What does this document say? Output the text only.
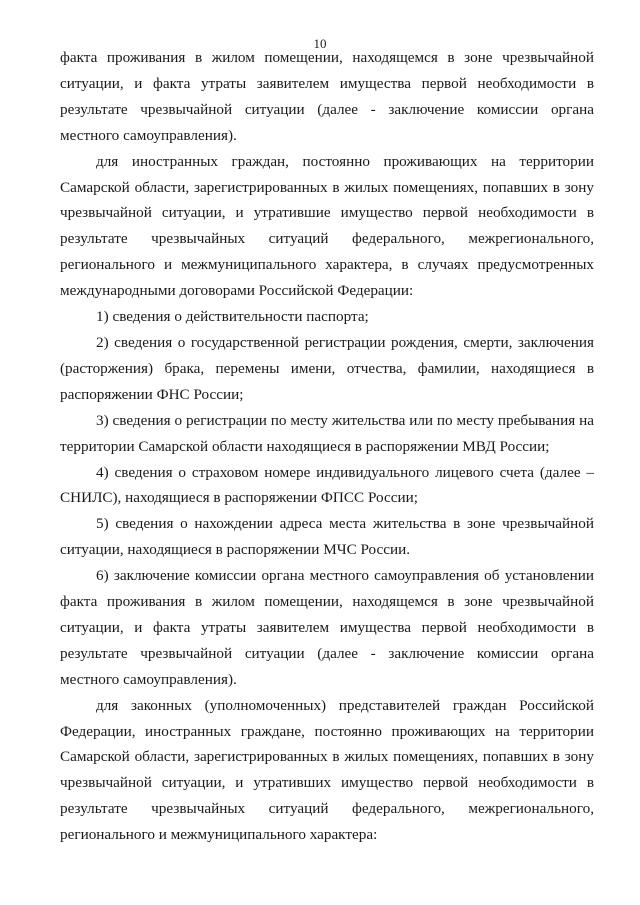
10

факта проживания в жилом помещении, находящемся в зоне чрезвычайной ситуации, и факта утраты заявителем имущества первой необходимости в результате чрезвычайной ситуации (далее - заключение комиссии органа местного самоуправления).

для иностранных граждан, постоянно проживающих на территории Самарской области, зарегистрированных в жилых помещениях, попавших в зону чрезвычайной ситуации, и утратившие имущество первой необходимости в результате чрезвычайных ситуаций федерального, межрегионального, регионального и межмуниципального характера, в случаях предусмотренных международными договорами Российской Федерации:

1) сведения о действительности паспорта;

2) сведения о государственной регистрации рождения, смерти, заключения (расторжения) брака, перемены имени, отчества, фамилии, находящиеся в распоряжении ФНС России;

3) сведения о регистрации по месту жительства или по месту пребывания на территории Самарской области находящиеся в распоряжении МВД России;

4) сведения о страховом номере индивидуального лицевого счета (далее – СНИЛС), находящиеся в распоряжении ФПСС России;

5) сведения о нахождении адреса места жительства в зоне чрезвычайной ситуации, находящиеся в распоряжении МЧС России.

6) заключение комиссии органа местного самоуправления об установлении факта проживания в жилом помещении, находящемся в зоне чрезвычайной ситуации, и факта утраты заявителем имущества первой необходимости в результате чрезвычайной ситуации (далее - заключение комиссии органа местного самоуправления).

для законных (уполномоченных) представителей граждан Российской Федерации, иностранных граждане, постоянно проживающих на территории Самарской области, зарегистрированных в жилых помещениях, попавших в зону чрезвычайной ситуации, и утративших имущество первой необходимости в результате чрезвычайных ситуаций федерального, межрегионального, регионального и межмуниципального характера:
